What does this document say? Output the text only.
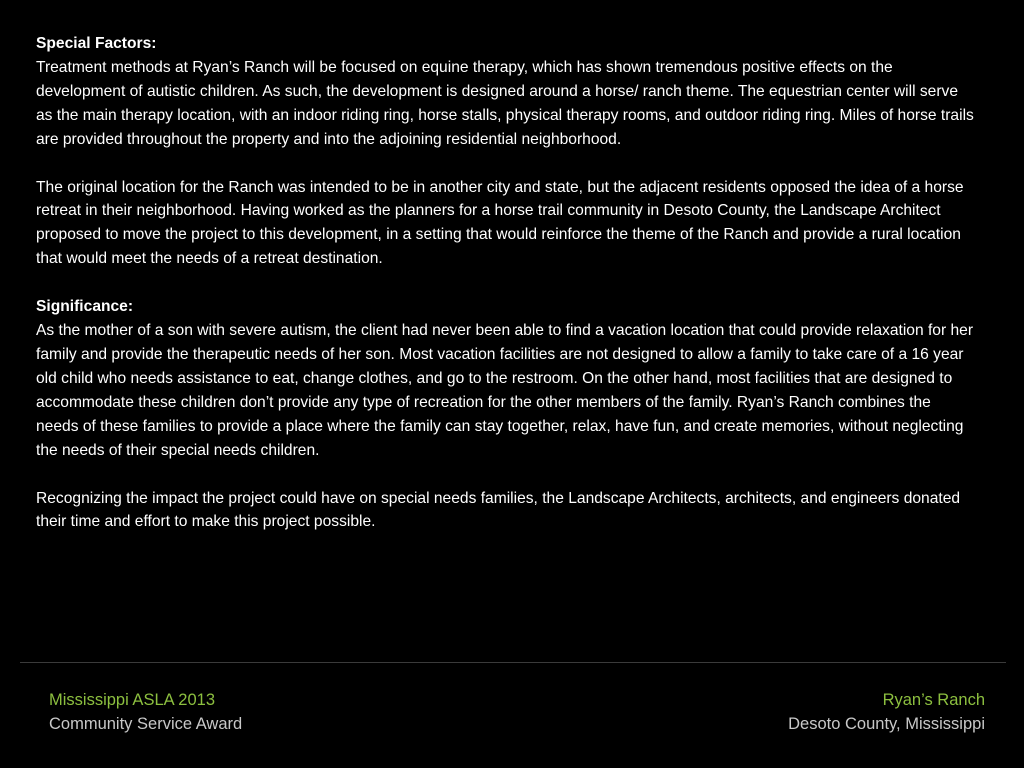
Special Factors:

Treatment methods at Ryan’s Ranch will be focused on equine therapy, which has shown tremendous positive effects on the development of autistic children. As such, the development is designed around a horse/ ranch theme. The equestrian center will serve as the main therapy location, with an indoor riding ring, horse stalls, physical therapy rooms, and outdoor riding ring. Miles of horse trails are provided throughout the property and into the adjoining residential neighborhood.

The original location for the Ranch was intended to be in another city and state, but the adjacent residents opposed the idea of a horse retreat in their neighborhood. Having worked as the planners for a horse trail community in Desoto County, the Landscape Architect proposed to move the project to this development, in a setting that would reinforce the theme of the Ranch and provide a rural location that would meet the needs of a retreat destination.

Significance:

As the mother of a son with severe autism, the client had never been able to find a vacation location that could provide relaxation for her family and provide the therapeutic needs of her son. Most vacation facilities are not designed to allow a family to take care of a 16 year old child who needs assistance to eat, change clothes, and go to the restroom. On the other hand, most facilities that are designed to accommodate these children don’t provide any type of recreation for the other members of the family. Ryan’s Ranch combines the needs of these families to provide a place where the family can stay together, relax, have fun, and create memories, without neglecting the needs of their special needs children.

Recognizing the impact the project could have on special needs families, the Landscape Architects, architects, and engineers donated their time and effort to make this project possible.

Mississippi ASLA 2013
Community Service Award
Ryan’s Ranch
Desoto County, Mississippi
